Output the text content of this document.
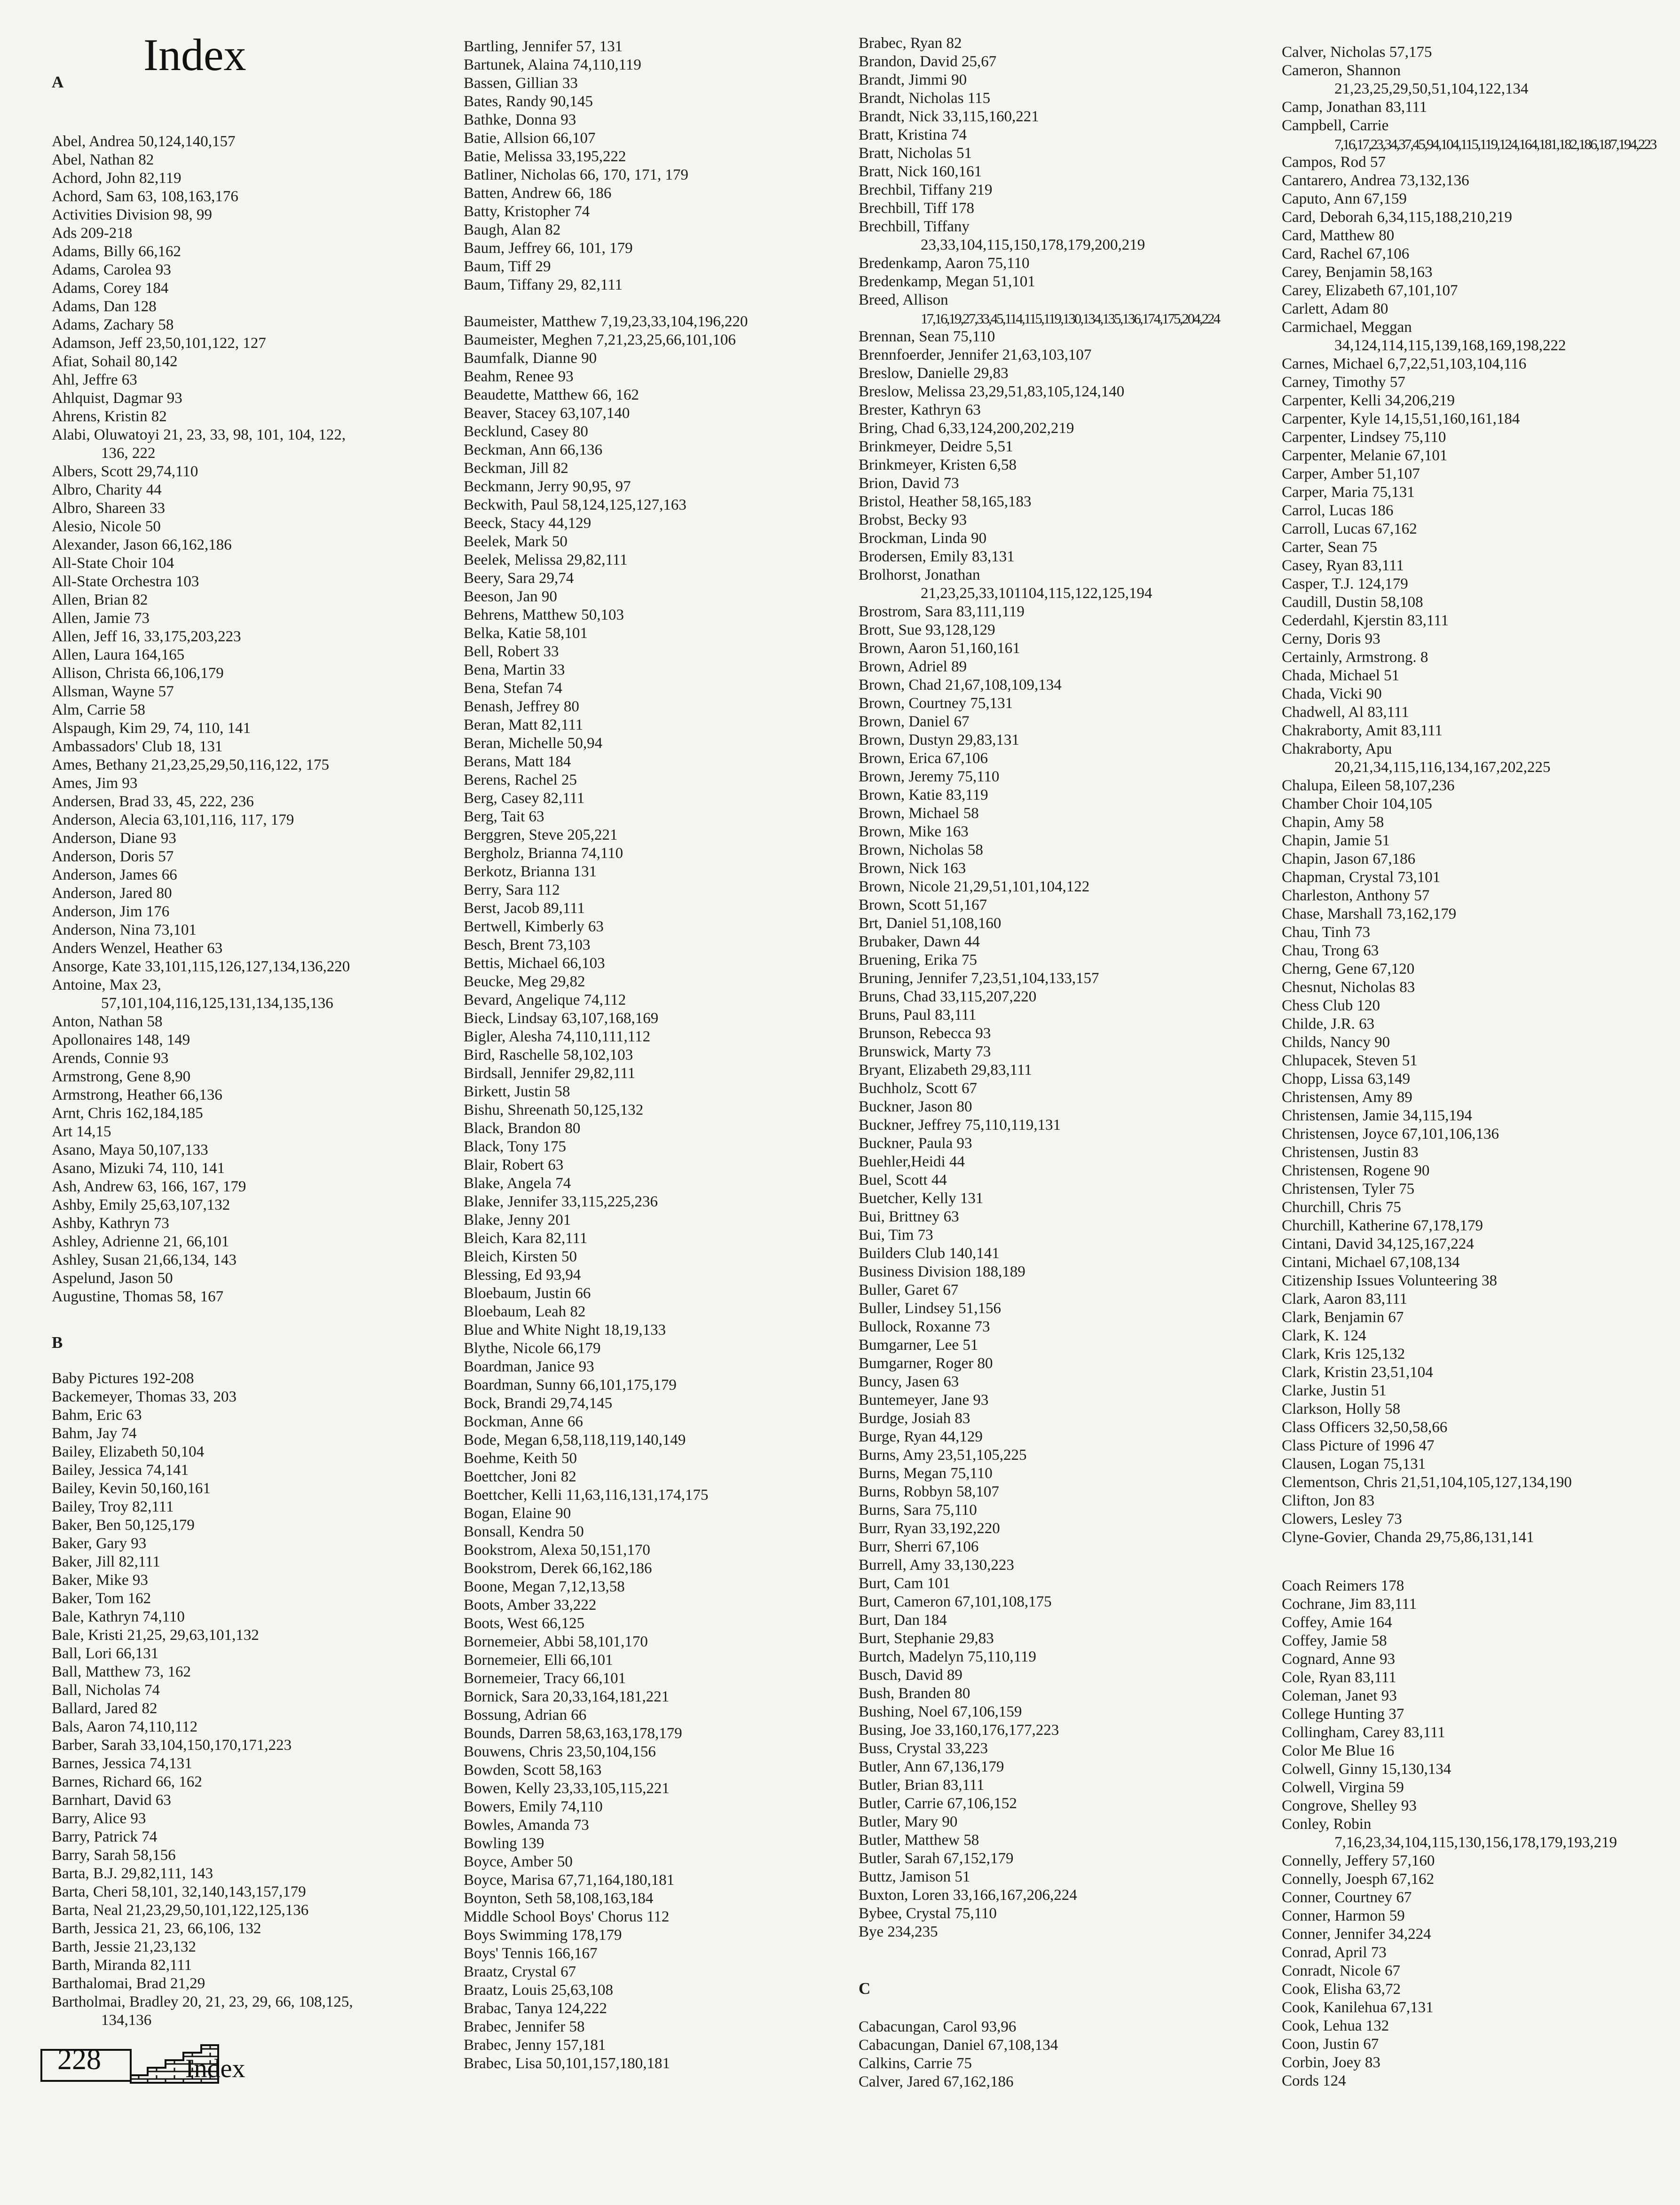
Index
A
Abel, Andrea 50,124,140,157
Abel, Nathan 82
Achord, John 82,119
Achord, Sam 63, 108,163,176
Activities Division 98, 99
Ads 209-218
Adams, Billy 66,162
Adams, Carolea 93
Adams, Corey 184
Adams, Dan 128
Adams, Zachary 58
Adamson, Jeff 23,50,101,122, 127
Afiat, Sohail 80,142
Ahl, Jeffre 63
Ahlquist, Dagmar 93
Ahrens, Kristin 82
Alabi, Oluwatoyi 21, 23, 33, 98, 101, 104, 122,
136, 222
Albers, Scott 29,74,110
Albro, Charity 44
Albro, Shareen 33
Alesio, Nicole 50
Alexander, Jason 66,162,186
All-State Choir 104
All-State Orchestra 103
Allen, Brian 82
Allen, Jamie 73
Allen, Jeff 16, 33,175,203,223
Allen, Laura 164,165
Allison, Christa 66,106,179
Allsman, Wayne 57
Alm, Carrie 58
Alspaugh, Kim 29, 74, 110, 141
Ambassadors' Club 18, 131
Ames, Bethany 21,23,25,29,50,116,122, 175
Ames, Jim 93
Andersen, Brad 33, 45, 222, 236
Anderson, Alecia 63,101,116, 117, 179
Anderson, Diane 93
Anderson, Doris 57
Anderson, James 66
Anderson, Jared 80
Anderson, Jim 176
Anderson, Nina 73,101
Anders Wenzel, Heather 63
Ansorge, Kate 33,101,115,126,127,134,136,220
Antoine, Max 23,
57,101,104,116,125,131,134,135,136
Anton, Nathan 58
Apollonaires 148, 149
Arends, Connie 93
Armstrong, Gene 8,90
Armstrong, Heather 66,136
Arnt, Chris 162,184,185
Art 14,15
Asano, Maya 50,107,133
Asano, Mizuki 74, 110, 141
Ash, Andrew 63, 166, 167, 179
Ashby, Emily 25,63,107,132
Ashby, Kathryn 73
Ashley, Adrienne 21, 66,101
Ashley, Susan 21,66,134, 143
Aspelund, Jason 50
Augustine, Thomas 58, 167
B
Baby Pictures 192-208
Backemeyer, Thomas 33, 203
Bahm, Eric 63
Bahm, Jay 74
Bailey, Elizabeth 50,104
Bailey, Jessica 74,141
Bailey, Kevin 50,160,161
Bailey, Troy 82,111
Baker, Ben 50,125,179
Baker, Gary 93
Baker, Jill 82,111
Baker, Mike 93
Baker, Tom 162
Bale, Kathryn 74,110
Bale, Kristi 21,25, 29,63,101,132
Ball, Lori 66,131
Ball, Matthew 73, 162
Ball, Nicholas 74
Ballard, Jared 82
Bals, Aaron 74,110,112
Barber, Sarah 33,104,150,170,171,223
Barnes, Jessica 74,131
Barnes, Richard 66, 162
Barnhart, David 63
Barry, Alice 93
Barry, Patrick 74
Barry, Sarah 58,156
Barta, B.J. 29,82,111, 143
Barta, Cheri 58,101, 32,140,143,157,179
Barta, Neal 21,23,29,50,101,122,125,136
Barth, Jessica 21, 23, 66,106, 132
Barth, Jessie 21,23,132
Barth, Miranda 82,111
Barthalomai, Brad 21,29
Bartholmai, Bradley 20, 21, 23, 29, 66, 108,125,
134,136
Bartling, Jennifer 57, 131
Bartunek, Alaina 74,110,119
Bassen, Gillian 33
Bates, Randy 90,145
Bathke, Donna 93
Batie, Allsion 66,107
Batie, Melissa 33,195,222
Batliner, Nicholas 66, 170, 171, 179
Batten, Andrew 66, 186
Batty, Kristopher 74
Baugh, Alan 82
Baum, Jeffrey 66, 101, 179
Baum, Tiff 29
Baum, Tiffany 29, 82,111
Baumeister, Matthew 7,19,23,33,104,196,220
Baumeister, Meghen 7,21,23,25,66,101,106
Baumfalk, Dianne 90
Beahm, Renee 93
Beaudette, Matthew 66, 162
Beaver, Stacey 63,107,140
Becklund, Casey 80
Beckman, Ann 66,136
Beckman, Jill 82
Beckmann, Jerry 90,95, 97
Beckwith, Paul 58,124,125,127,163
Beeck, Stacy 44,129
Beelek, Mark 50
Beelek, Melissa 29,82,111
Beery, Sara 29,74
Beeson, Jan 90
Behrens, Matthew 50,103
Belka, Katie 58,101
Bell, Robert 33
Bena, Martin 33
Bena, Stefan 74
Benash, Jeffrey 80
Beran, Matt 82,111
Beran, Michelle 50,94
Berans, Matt 184
Berens, Rachel 25
Berg, Casey 82,111
Berg, Tait 63
Berggren, Steve 205,221
Bergholz, Brianna 74,110
Berkotz, Brianna 131
Berry, Sara 112
Berst, Jacob 89,111
Bertwell, Kimberly 63
Besch, Brent 73,103
Bettis, Michael 66,103
Beucke, Meg 29,82
Bevard, Angelique 74,112
Bieck, Lindsay 63,107,168,169
Bigler, Alesha 74,110,111,112
Bird, Raschelle 58,102,103
Birdsall, Jennifer 29,82,111
Birkett, Justin 58
Bishu, Shreenath 50,125,132
Black, Brandon 80
Black, Tony 175
Blair, Robert 63
Blake, Angela 74
Blake, Jennifer 33,115,225,236
Blake, Jenny 201
Bleich, Kara 82,111
Bleich, Kirsten 50
Blessing, Ed 93,94
Bloebaum, Justin 66
Bloebaum, Leah 82
Blue and White Night 18,19,133
Blythe, Nicole 66,179
Boardman, Janice 93
Boardman, Sunny 66,101,175,179
Bock, Brandi 29,74,145
Bockman, Anne 66
Bode, Megan 6,58,118,119,140,149
Boehme, Keith 50
Boettcher, Joni 82
Boettcher, Kelli 11,63,116,131,174,175
Bogan, Elaine 90
Bonsall, Kendra 50
Bookstrom, Alexa 50,151,170
Bookstrom, Derek 66,162,186
Boone, Megan 7,12,13,58
Boots, Amber 33,222
Boots, West 66,125
Bornemeier, Abbi 58,101,170
Bornemeier, Elli 66,101
Bornemeier, Tracy 66,101
Bornick, Sara 20,33,164,181,221
Bossung, Adrian 66
Bounds, Darren 58,63,163,178,179
Bouwens, Chris 23,50,104,156
Bowden, Scott 58,163
Bowen, Kelly 23,33,105,115,221
Bowers, Emily 74,110
Bowles, Amanda 73
Bowling 139
Boyce, Amber 50
Boyce, Marisa 67,71,164,180,181
Boynton, Seth 58,108,163,184
Middle School Boys' Chorus 112
Boys Swimming 178,179
Boys' Tennis 166,167
Braatz, Crystal 67
Braatz, Louis 25,63,108
Brabac, Tanya 124,222
Brabec, Jennifer 58
Brabec, Jenny 157,181
Brabec, Lisa 50,101,157,180,181
Brabec, Ryan 82
Brandon, David 25,67
Brandt, Jimmi 90
Brandt, Nicholas 115
Brandt, Nick 33,115,160,221
Bratt, Kristina 74
Bratt, Nicholas 51
Bratt, Nick 160,161
Brechbil, Tiffany 219
Brechbill, Tiff 178
Brechbill, Tiffany
23,33,104,115,150,178,179,200,219
Bredenkamp, Aaron 75,110
Bredenkamp, Megan 51,101
Breed, Allison
17,16,19,27,33,45,114,115,119,130,134,135,136,174,175,204,224
Brennan, Sean 75,110
Brennfoerder, Jennifer 21,63,103,107
Breslow, Danielle 29,83
Breslow, Melissa 23,29,51,83,105,124,140
Brester, Kathryn 63
Bring, Chad 6,33,124,200,202,219
Brinkmeyer, Deidre 5,51
Brinkmeyer, Kristen 6,58
Brion, David 73
Bristol, Heather 58,165,183
Brobst, Becky 93
Brockman, Linda 90
Brodersen, Emily 83,131
Brolhorst, Jonathan
21,23,25,33,101104,115,122,125,194
Brostrom, Sara 83,111,119
Brott, Sue 93,128,129
Brown, Aaron 51,160,161
Brown, Adriel 89
Brown, Chad 21,67,108,109,134
Brown, Courtney 75,131
Brown, Daniel 67
Brown, Dustyn 29,83,131
Brown, Erica 67,106
Brown, Jeremy 75,110
Brown, Katie 83,119
Brown, Michael 58
Brown, Mike 163
Brown, Nicholas 58
Brown, Nick 163
Brown, Nicole 21,29,51,101,104,122
Brown, Scott 51,167
Brt, Daniel 51,108,160
Brubaker, Dawn 44
Bruening, Erika 75
Bruning, Jennifer 7,23,51,104,133,157
Bruns, Chad 33,115,207,220
Bruns, Paul 83,111
Brunson, Rebecca 93
Brunswick, Marty 73
Bryant, Elizabeth 29,83,111
Buchholz, Scott 67
Buckner, Jason 80
Buckner, Jeffrey 75,110,119,131
Buckner, Paula 93
Buehler,Heidi 44
Buel, Scott 44
Buetcher, Kelly 131
Bui, Brittney 63
Bui, Tim 73
Builders Club 140,141
Business Division 188,189
Buller, Garet 67
Buller, Lindsey 51,156
Bullock, Roxanne 73
Bumgarner, Lee 51
Bumgarner, Roger 80
Buncy, Jasen 63
Buntemeyer, Jane 93
Burdge, Josiah 83
Burge, Ryan 44,129
Burns, Amy 23,51,105,225
Burns, Megan 75,110
Burns, Robbyn 58,107
Burns, Sara 75,110
Burr, Ryan 33,192,220
Burr, Sherri 67,106
Burrell, Amy 33,130,223
Burt, Cam 101
Burt, Cameron 67,101,108,175
Burt, Dan 184
Burt, Stephanie 29,83
Burtch, Madelyn 75,110,119
Busch, David 89
Bush, Branden 80
Bushing, Noel 67,106,159
Busing, Joe 33,160,176,177,223
Buss, Crystal 33,223
Butler, Ann 67,136,179
Butler, Brian 83,111
Butler, Carrie 67,106,152
Butler, Mary 90
Butler, Matthew 58
Butler, Sarah 67,152,179
Buttz, Jamison 51
Buxton, Loren 33,166,167,206,224
Bybee, Crystal 75,110
Bye 234,235
C
Cabacungan, Carol 93,96
Cabacungan, Daniel 67,108,134
Calkins, Carrie 75
Calver, Jared 67,162,186
Calver, Nicholas 57,175
Cameron, Shannon
21,23,25,29,50,51,104,122,134
Camp, Jonathan 83,111
Campbell, Carrie
7,16,17,23,34,37,45,94,104,115,119,124,164,181,182,186,187,194,223
Campos, Rod 57
Cantarero, Andrea 73,132,136
Caputo, Ann 67,159
Card, Deborah 6,34,115,188,210,219
Card, Matthew 80
Card, Rachel 67,106
Carey, Benjamin 58,163
Carey, Elizabeth 67,101,107
Carlett, Adam 80
Carmichael, Meggan
34,124,114,115,139,168,169,198,222
Carnes, Michael 6,7,22,51,103,104,116
Carney, Timothy 57
Carpenter, Kelli 34,206,219
Carpenter, Kyle 14,15,51,160,161,184
Carpenter, Lindsey 75,110
Carpenter, Melanie 67,101
Carper, Amber 51,107
Carper, Maria 75,131
Carrol, Lucas 186
Carroll, Lucas 67,162
Carter, Sean 75
Casey, Ryan 83,111
Casper, T.J. 124,179
Caudill, Dustin 58,108
Cederdahl, Kjerstin 83,111
Cerny, Doris 93
Certainly, Armstrong. 8
Chada, Michael 51
Chada, Vicki 90
Chadwell, Al 83,111
Chakraborty, Amit 83,111
Chakraborty, Apu
20,21,34,115,116,134,167,202,225
Chalupa, Eileen 58,107,236
Chamber Choir 104,105
Chapin, Amy 58
Chapin, Jamie 51
Chapin, Jason 67,186
Chapman, Crystal 73,101
Charleston, Anthony 57
Chase, Marshall 73,162,179
Chau, Tinh 73
Chau, Trong 63
Cherng, Gene 67,120
Chesnut, Nicholas 83
Chess Club 120
Childe, J.R. 63
Childs, Nancy 90
Chlupacek, Steven 51
Chopp, Lissa 63,149
Christensen, Amy 89
Christensen, Jamie 34,115,194
Christensen, Joyce 67,101,106,136
Christensen, Justin 83
Christensen, Rogene 90
Christensen, Tyler 75
Churchill, Chris 75
Churchill, Katherine 67,178,179
Cintani, David 34,125,167,224
Cintani, Michael 67,108,134
Citizenship Issues Volunteering 38
Clark, Aaron 83,111
Clark, Benjamin 67
Clark, K. 124
Clark, Kris 125,132
Clark, Kristin 23,51,104
Clarke, Justin 51
Clarkson, Holly 58
Class Officers 32,50,58,66
Class Picture of 1996 47
Clausen, Logan 75,131
Clementson, Chris 21,51,104,105,127,134,190
Clifton, Jon 83
Clowers, Lesley 73
Clyne-Govier, Chanda 29,75,86,131,141
Coach Reimers 178
Cochrane, Jim 83,111
Coffey, Amie 164
Coffey, Jamie 58
Cognard, Anne 93
Cole, Ryan 83,111
Coleman, Janet 93
College Hunting 37
Collingham, Carey 83,111
Color Me Blue 16
Colwell, Ginny 15,130,134
Colwell, Virgina 59
Congrove, Shelley 93
Conley, Robin
7,16,23,34,104,115,130,156,178,179,193,219
Connelly, Jeffery 57,160
Connelly, Joesph 67,162
Conner, Courtney 67
Conner, Harmon 59
Conner, Jennifer 34,224
Conrad, April 73
Conradt, Nicole 67
Cook, Elisha 63,72
Cook, Kanilehua 67,131
Cook, Lehua 132
Coon, Justin 67
Corbin, Joey 83
Cords 124
228	Index
